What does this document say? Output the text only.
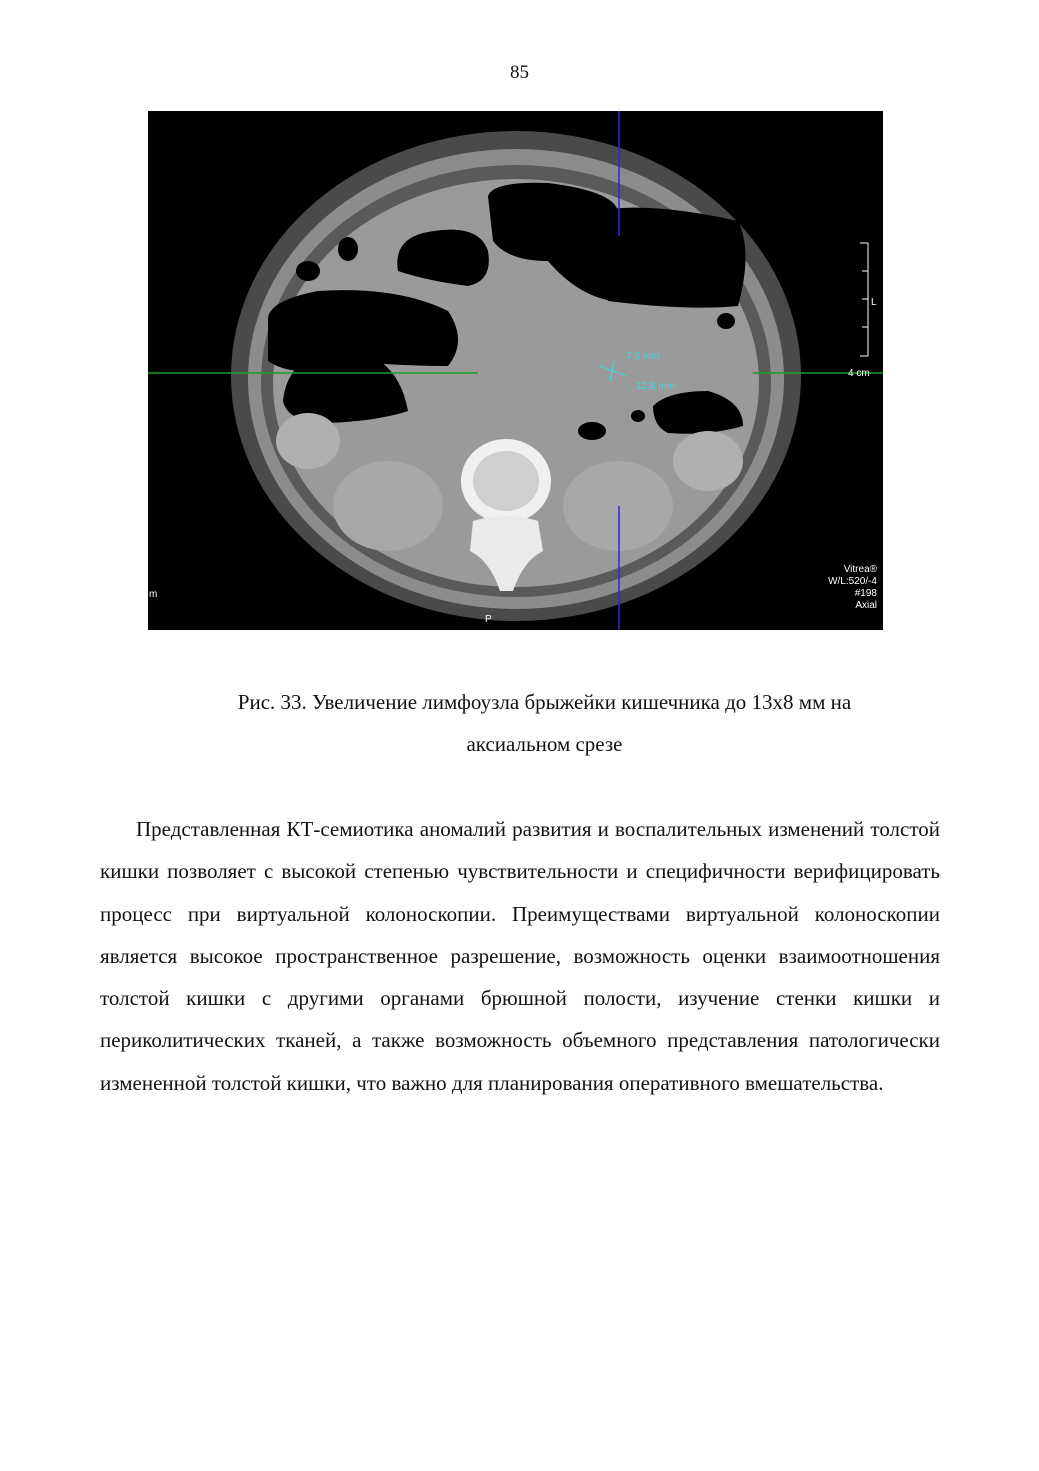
85
L
4 cm
m
P
7.6 mm
12.8 mm
Vitrea®
W/L:520/-4
#198
Axial
Рис. 33. Увеличение лимфоузла брыжейки кишечника до 13х8 мм на
аксиальном срезе

Представленная КТ-семиотика аномалий развития и воспалительных изменений толстой кишки позволяет с высокой степенью чувствительности и специфичности верифицировать процесс при виртуальной колоноскопии. Преимуществами виртуальной колоноскопии является высокое пространственное разрешение, возможность оценки взаимоотношения толстой кишки с другими органами брюшной полости, изучение стенки кишки и периколитических тканей, а также возможность объемного представления патологически измененной толстой кишки, что важно для планирования оперативного вмешательства.
